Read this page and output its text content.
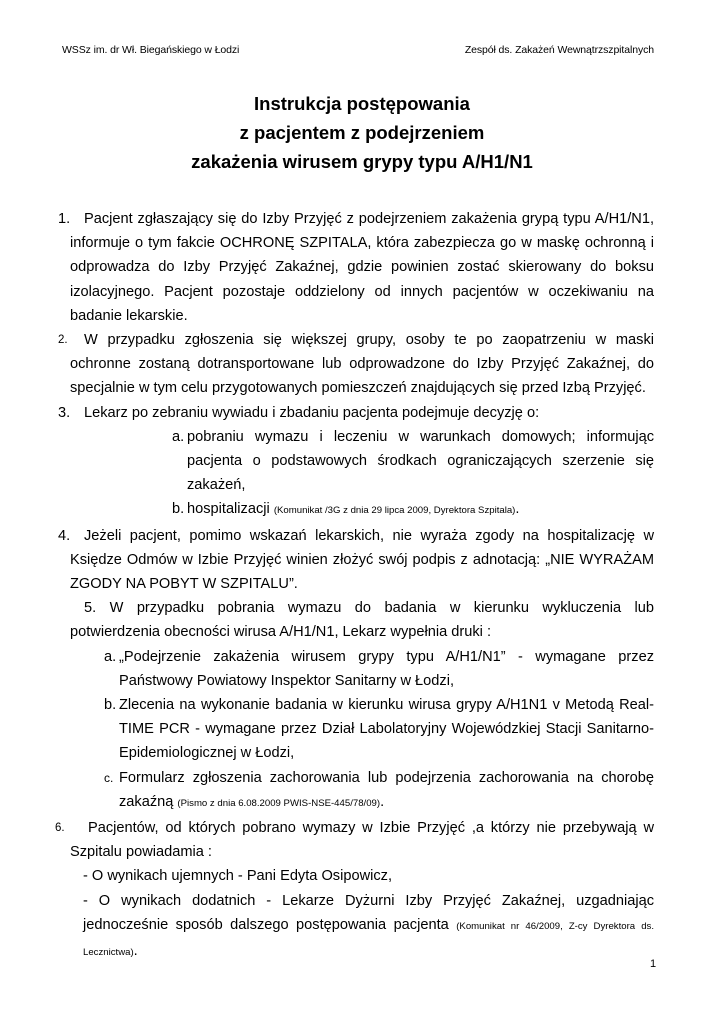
WSSz im. dr Wł. Biegańskiego w Łodzi	Zespół ds. Zakażeń Wewnątrzszpitalnych
Instrukcja postępowania
z pacjentem z podejrzeniem
zakażenia wirusem grypy typu A/H1/N1
1. Pacjent zgłaszający się do Izby Przyjęć z podejrzeniem zakażenia grypą typu A/H1/N1, informuje o tym fakcie OCHRONĘ SZPITALA, która zabezpiecza go w maskę ochronną i odprowadza do Izby Przyjęć Zakaźnej, gdzie powinien zostać skierowany do boksu izolacyjnego. Pacjent pozostaje oddzielony od innych pacjentów w oczekiwaniu na badanie lekarskie.
2.	W przypadku zgłoszenia się większej grupy, osoby te po zaopatrzeniu w maski ochronne zostaną dotransportowane lub odprowadzone do Izby Przyjęć Zakaźnej, do specjalnie w tym celu przygotowanych pomieszczeń znajdujących się przed Izbą Przyjęć.
3. Lekarz po zebraniu wywiadu i zbadaniu pacjenta podejmuje decyzję o:
a. pobraniu wymazu i leczeniu w warunkach domowych; informując pacjenta o podstawowych środkach ograniczających szerzenie się zakażeń,
b. hospitalizacji (Komunikat /3G z dnia 29 lipca 2009, Dyrektora Szpitala).
4. Jeżeli pacjent, pomimo wskazań lekarskich, nie wyraża zgody na hospitalizację w Księdze Odmów w Izbie Przyjęć winien złożyć swój podpis z adnotacją: „NIE WYRAŻAM ZGODY NA POBYT W SZPITALU”.
5. W przypadku pobrania wymazu do badania w kierunku wykluczenia lub potwierdzenia obecności wirusa A/H1/N1, Lekarz wypełnia druki :
a. „Podejrzenie zakażenia wirusem grypy typu A/H1/N1” - wymagane przez Państwowy Powiatowy Inspektor Sanitarny w Łodzi,
b. Zlecenia na wykonanie badania w kierunku wirusa grypy A/H1N1 v Metodą Real-TIME PCR - wymagane przez Dział Labolatoryjny Wojewódzkiej Stacji Sanitarno-Epidemiologicznej w Łodzi,
c. Formularz zgłoszenia zachorowania lub podejrzenia zachorowania na chorobę zakaźną (Pismo z dnia 6.08.2009 PWIS-NSE-445/78/09).
6.	Pacjentów, od których pobrano wymazy w Izbie Przyjęć ,a którzy nie przebywają w Szpitalu powiadamia :
- O wynikach ujemnych - Pani Edyta Osipowicz,
- O wynikach dodatnich - Lekarze Dyżurni Izby Przyjęć Zakaźnej, uzgadniając jednocześnie sposób dalszego postępowania pacjenta (Komunikat nr 46/2009, Z-cy Dyrektora ds. Lecznictwa).
1
